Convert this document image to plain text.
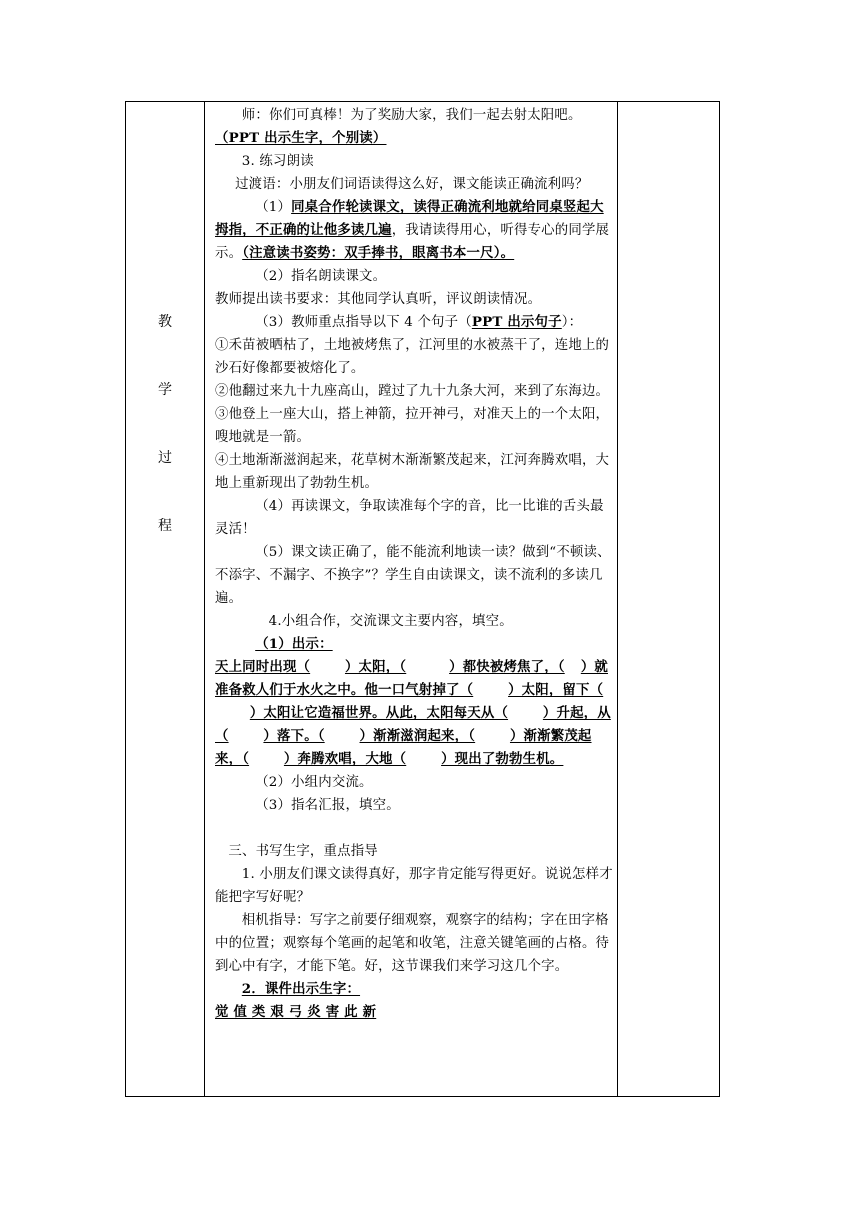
教
学
过
程

师：你们可真棒！为了奖励大家，我们一起去射太阳吧。

（PPT 出示生字，个别读）

3. 练习朗读

过渡语：小朋友们词语读得这么好，课文能读正确流利吗？

（1）同桌合作轮读课文，读得正确流利地就给同桌竖起大拇指，不正确的让他多读几遍，我请读得用心，听得专心的同学展示。（注意读书姿势：双手捧书，眼离书本一尺）。

（2）指名朗读课文。

教师提出读书要求：其他同学认真听，评议朗读情况。

（3）教师重点指导以下 4 个句子（PPT 出示句子）：

①禾苗被晒枯了，土地被烤焦了，江河里的水被蒸干了，连地上的沙石好像都要被熔化了。

②他翻过来九十九座高山，蹚过了九十九条大河，来到了东海边。

③他登上一座大山，搭上神箭，拉开神弓，对准天上的一个太阳，嗖地就是一箭。

④土地渐渐滋润起来，花草树木渐渐繁茂起来，江河奔腾欢唱，大地上重新现出了勃勃生机。

（4）再读课文，争取读准每个字的音，比一比谁的舌头最灵活！

（5）课文读正确了，能不能流利地读一读？做到“不顿读、不添字、不漏字、不换字”？学生自由读课文，读不流利的多读几遍。

4.小组合作，交流课文主要内容，填空。

（1）出示：

天上同时出现（	）太阳，（	）都快被烤焦了，（ ）就准备救人们于水火之中。他一口气射掉了（	）太阳，留下（）太阳让它造福世界。从此，太阳每天从（	）升起，从（	）落下。（	）渐渐滋润起来，（	）渐渐繁茂起来，（	）奔腾欢唱，大地（	）现出了勃勃生机。

（2）小组内交流。

（3）指名汇报，填空。

三、书写生字，重点指导

1. 小朋友们课文读得真好，那字肯定能写得更好。说说怎样才能把字写好呢？

相机指导：写字之前要仔细观察，观察字的结构；字在田字格中的位置；观察每个笔画的起笔和收笔，注意关键笔画的占格。待到心中有字，才能下笔。好，这节课我们来学习这几个字。

2．课件出示生字：

觉 值 类 艰 弓 炎 害 此 新
